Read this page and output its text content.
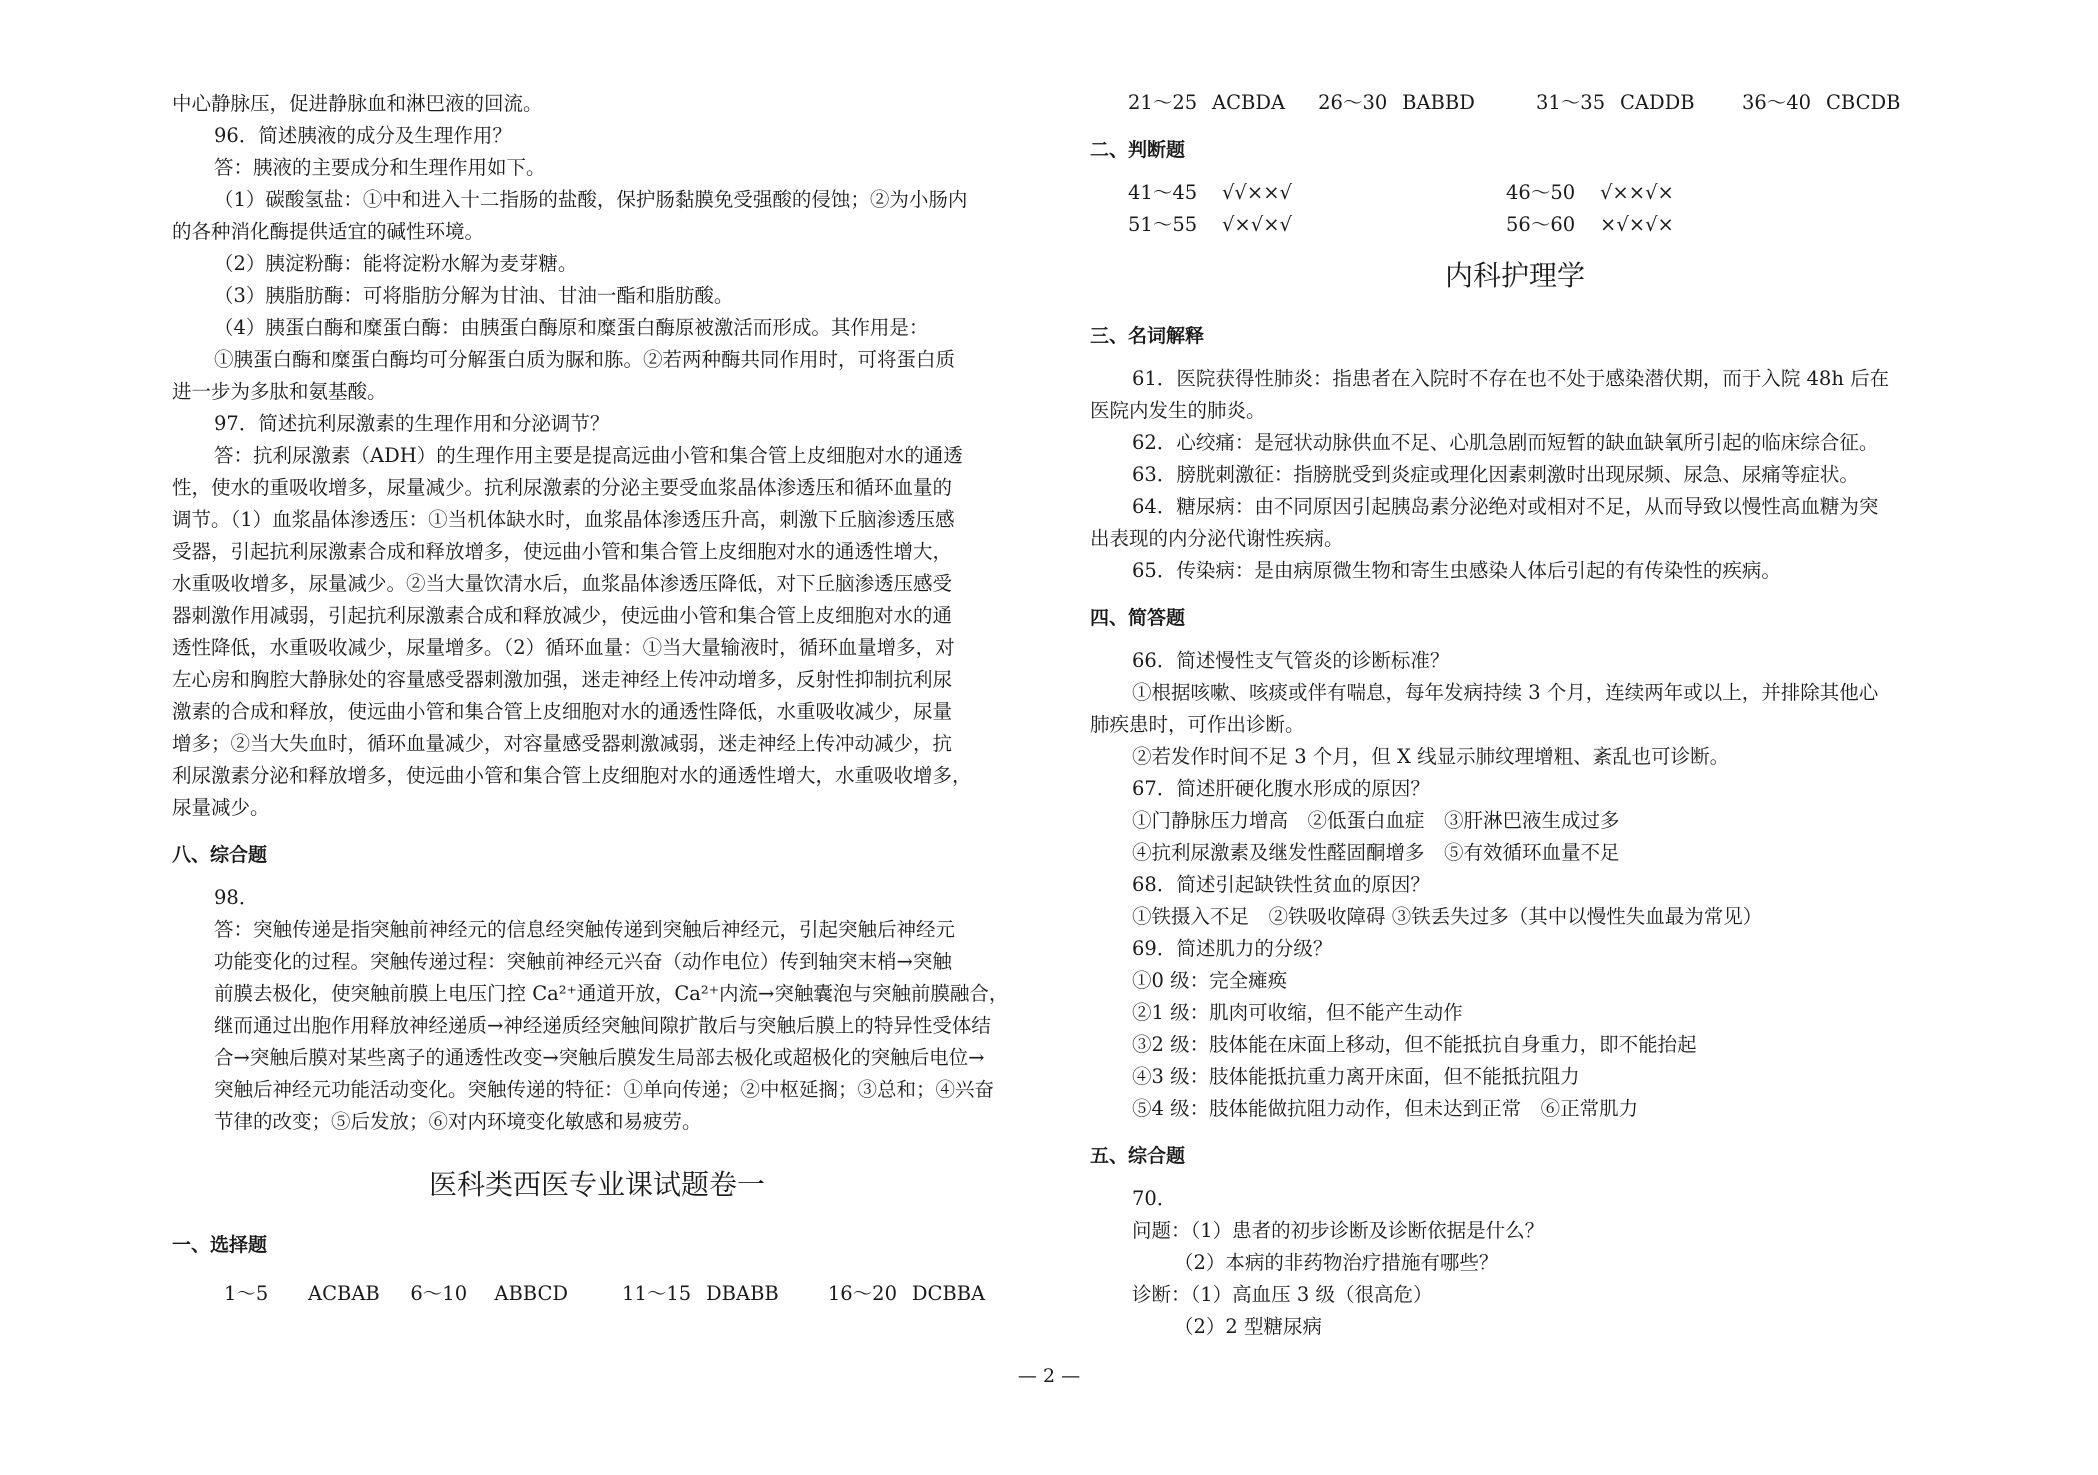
中心静脉压，促进静脉血和淋巴液的回流。
96．简述胰液的成分及生理作用？
答：胰液的主要成分和生理作用如下。
（1）碳酸氢盐：①中和进入十二指肠的盐酸，保护肠黏膜免受强酸的侵蚀；②为小肠内
的各种消化酶提供适宜的碱性环境。
（2）胰淀粉酶：能将淀粉水解为麦芽糖。
（3）胰脂肪酶：可将脂肪分解为甘油、甘油一酯和脂肪酸。
（4）胰蛋白酶和糜蛋白酶：由胰蛋白酶原和糜蛋白酶原被激活而形成。其作用是：
①胰蛋白酶和糜蛋白酶均可分解蛋白质为脲和胨。②若两种酶共同作用时，可将蛋白质
进一步为多肽和氨基酸。
97．简述抗利尿激素的生理作用和分泌调节？
答：抗利尿激素（ADH）的生理作用主要是提高远曲小管和集合管上皮细胞对水的通透
性，使水的重吸收增多，尿量减少。抗利尿激素的分泌主要受血浆晶体渗透压和循环血量的
调节。（1）血浆晶体渗透压：①当机体缺水时，血浆晶体渗透压升高，刺激下丘脑渗透压感
受器，引起抗利尿激素合成和释放增多，使远曲小管和集合管上皮细胞对水的通透性增大，
水重吸收增多，尿量减少。②当大量饮清水后，血浆晶体渗透压降低，对下丘脑渗透压感受
器刺激作用减弱，引起抗利尿激素合成和释放减少，使远曲小管和集合管上皮细胞对水的通
透性降低，水重吸收减少，尿量增多。（2）循环血量：①当大量输液时，循环血量增多，对
左心房和胸腔大静脉处的容量感受器刺激加强，迷走神经上传冲动增多，反射性抑制抗利尿
激素的合成和释放，使远曲小管和集合管上皮细胞对水的通透性降低，水重吸收减少，尿量
增多；②当大失血时，循环血量减少，对容量感受器刺激减弱，迷走神经上传冲动减少，抗
利尿激素分泌和释放增多，使远曲小管和集合管上皮细胞对水的通透性增大，水重吸收增多，
尿量减少。
八、综合题
98．
答：突触传递是指突触前神经元的信息经突触传递到突触后神经元，引起突触后神经元
功能变化的过程。突触传递过程：突触前神经元兴奋（动作电位）传到轴突末梢→突触
前膜去极化，使突触前膜上电压门控 Ca²⁺通道开放，Ca²⁺内流→突触囊泡与突触前膜融合，
继而通过出胞作用释放神经递质→神经递质经突触间隙扩散后与突触后膜上的特异性受体结
合→突触后膜对某些离子的通透性改变→突触后膜发生局部去极化或超极化的突触后电位→
突触后神经元功能活动变化。突触传递的特征：①单向传递；②中枢延搁；③总和；④兴奋
节律的改变；⑤后发放；⑥对内环境变化敏感和易疲劳。
医科类西医专业课试题卷一
一、选择题
1～5	ACBAB 6～10	ABBCD	11～15 DBABB	16～20 DCBBA
21～25 ACBDA 26～30 BABBD	31～35 CADDB 36～40 CBCDB
二、判断题
41～45	√√××√	46～50	√××√×
51～55	√×√×√	56～60	×√×√×
内科护理学
三、名词解释
61．医院获得性肺炎：指患者在入院时不存在也不处于感染潜伏期，而于入院 48h 后在
医院内发生的肺炎。
62．心绞痛：是冠状动脉供血不足、心肌急剧而短暂的缺血缺氧所引起的临床综合征。
63．膀胱刺激征：指膀胱受到炎症或理化因素刺激时出现尿频、尿急、尿痛等症状。
64．糖尿病：由不同原因引起胰岛素分泌绝对或相对不足，从而导致以慢性高血糖为突
出表现的内分泌代谢性疾病。
65．传染病：是由病原微生物和寄生虫感染人体后引起的有传染性的疾病。
四、简答题
66．简述慢性支气管炎的诊断标准？
①根据咳嗽、咳痰或伴有喘息，每年发病持续 3 个月，连续两年或以上，并排除其他心
肺疾患时，可作出诊断。
②若发作时间不足 3 个月，但 X 线显示肺纹理增粗、紊乱也可诊断。
67．简述肝硬化腹水形成的原因？
①门静脉压力增高　②低蛋白血症　③肝淋巴液生成过多
④抗利尿激素及继发性醛固酮增多　⑤有效循环血量不足
68．简述引起缺铁性贫血的原因？
①铁摄入不足　②铁吸收障碍 ③铁丢失过多（其中以慢性失血最为常见）
69．简述肌力的分级？
①0 级：完全瘫痪
②1 级：肌肉可收缩，但不能产生动作
③2 级：肢体能在床面上移动，但不能抵抗自身重力，即不能抬起
④3 级：肢体能抵抗重力离开床面，但不能抵抗阻力
⑤4 级：肢体能做抗阻力动作，但未达到正常　⑥正常肌力
五、综合题
70．
问题：（1）患者的初步诊断及诊断依据是什么？
（2）本病的非药物治疗措施有哪些？
诊断：（1）高血压 3 级（很高危）
（2）2 型糖尿病
— 2 —
